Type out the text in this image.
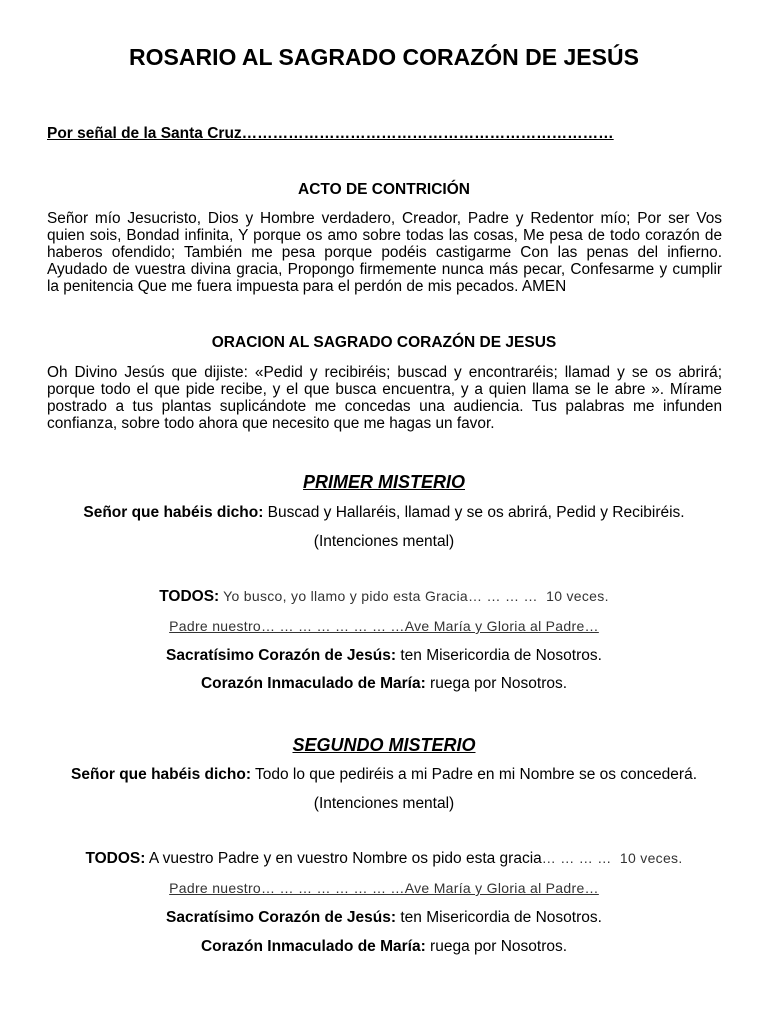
ROSARIO AL SAGRADO CORAZÓN DE JESÚS
Por señal de la Santa Cruz………………………………………………………………
ACTO DE CONTRICIÓN
Señor mío Jesucristo, Dios y Hombre verdadero, Creador, Padre y Redentor mío; Por ser Vos
quien sois, Bondad infinita, Y porque os amo sobre todas las cosas, Me pesa de todo corazón de
haberos ofendido; También me pesa porque podéis castigarme Con las penas del infierno.
Ayudado de vuestra divina gracia, Propongo firmemente nunca más pecar, Confesarme y cumplir
la penitencia Que me fuera impuesta para el perdón de mis pecados. AMEN
ORACION AL SAGRADO CORAZÓN DE JESUS
Oh Divino Jesús que dijiste: «Pedid y recibiréis; buscad y encontraréis; llamad y se os abrirá;
porque todo el que pide recibe, y el que busca encuentra, y a quien llama se le abre ». Mírame
postrado a tus plantas suplicándote me concedas una audiencia. Tus palabras me infunden
confianza, sobre todo ahora que necesito que me hagas un favor.
PRIMER MISTERIO
Señor que habéis dicho: Buscad y Hallaréis, llamad y se os abrirá, Pedid y Recibiréis.
(Intenciones mental)
TODOS: Yo busco, yo llamo y pido esta Gracia… … … …  10 veces.
Padre nuestro… … … … … … … …Ave María y Gloria al Padre…
Sacratísimo Corazón de Jesús: ten Misericordia de Nosotros.
Corazón Inmaculado de María: ruega por Nosotros.
SEGUNDO MISTERIO
Señor que habéis dicho: Todo lo que pediréis a mi Padre en mi Nombre se os concederá.
(Intenciones mental)
TODOS: A vuestro Padre y en vuestro Nombre os pido esta gracia… … … …  10 veces.
Padre nuestro… … … … … … … …Ave María y Gloria al Padre…
Sacratísimo Corazón de Jesús: ten Misericordia de Nosotros.
Corazón Inmaculado de María: ruega por Nosotros.
